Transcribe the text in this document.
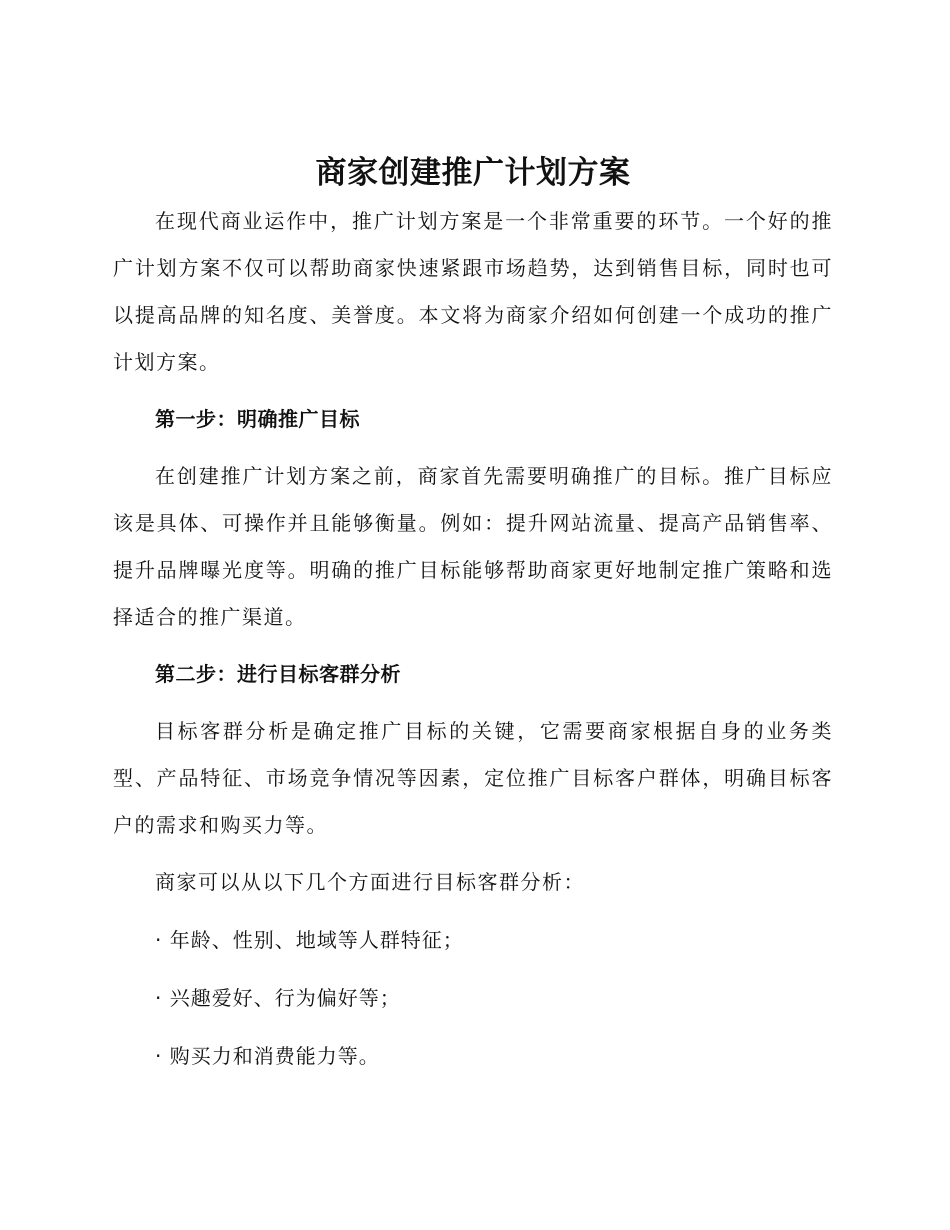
商家创建推广计划方案

在现代商业运作中，推广计划方案是一个非常重要的环节。一个好的推广计划方案不仅可以帮助商家快速紧跟市场趋势，达到销售目标，同时也可以提高品牌的知名度、美誉度。本文将为商家介绍如何创建一个成功的推广计划方案。

第一步：明确推广目标

在创建推广计划方案之前，商家首先需要明确推广的目标。推广目标应该是具体、可操作并且能够衡量。例如：提升网站流量、提高产品销售率、提升品牌曝光度等。明确的推广目标能够帮助商家更好地制定推广策略和选择适合的推广渠道。

第二步：进行目标客群分析

目标客群分析是确定推广目标的关键，它需要商家根据自身的业务类型、产品特征、市场竞争情况等因素，定位推广目标客户群体，明确目标客户的需求和购买力等。

商家可以从以下几个方面进行目标客群分析：

· 年龄、性别、地域等人群特征；
· 兴趣爱好、行为偏好等；
· 购买力和消费能力等。
